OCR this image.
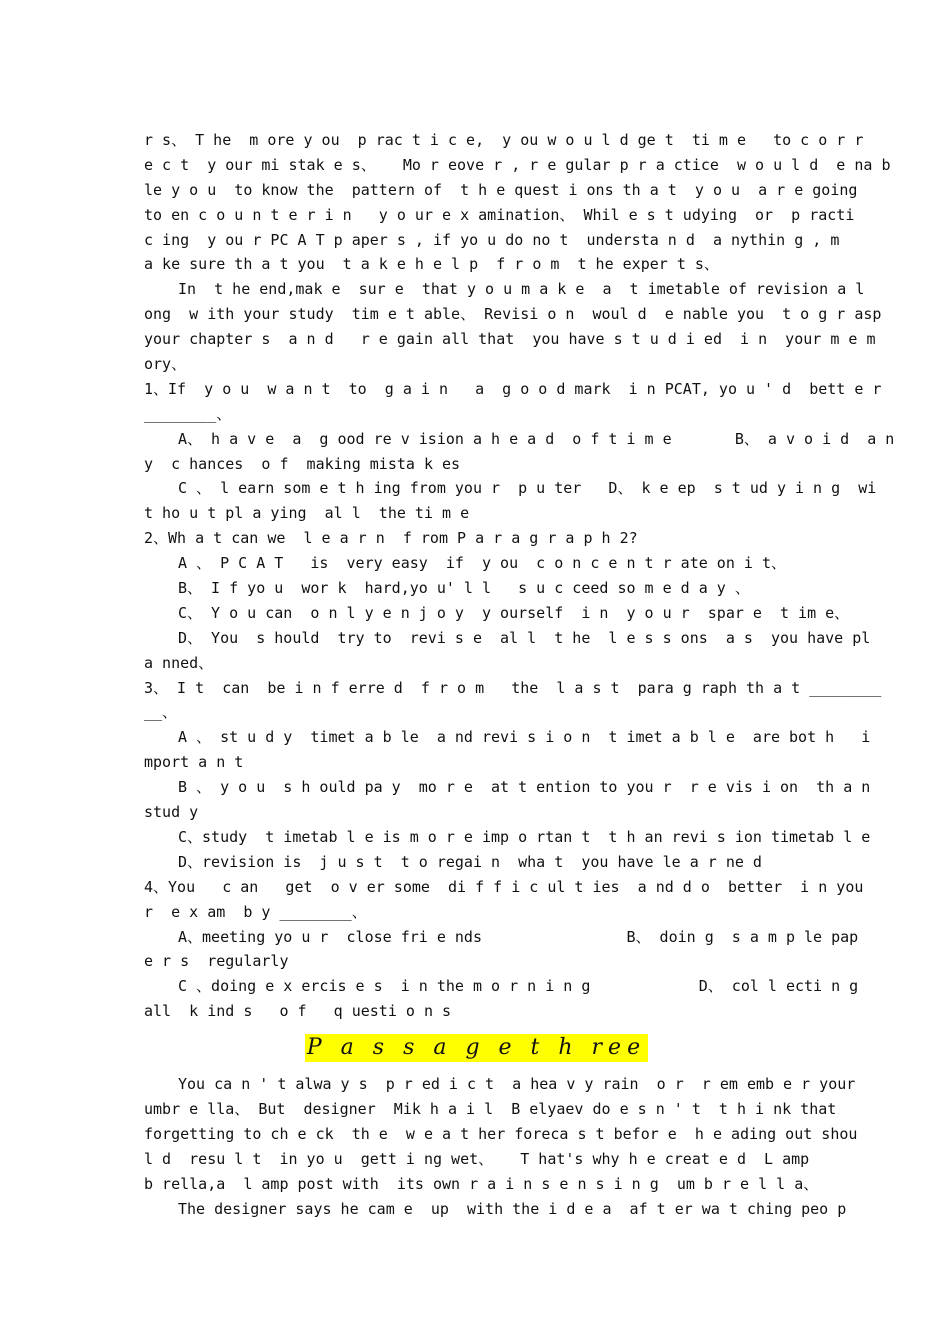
r s、 T he  m ore y ou  p rac t i c e,  y ou w o u l d ge t  ti m e   to c o r r
e c t  y our mi stak e s、   Mo r eove r , r e gular p r a ctice  w o u l d  e na b
le y o u  to know the  pattern of  t h e quest i ons th a t  y o u  a r e going
to en c o u n t e r i n   y o ur e x amination、 Whil e s t udying  or  p racti
c ing  y ou r PC A T p aper s , if yo u do no t  understa n d  a nythin g , m
a ke sure th a t you  t a k e h e l p  f r o m  t he exper t s、
In  t he end,mak e  sur e  that y o u m a k e  a  t imetable of revision a l
ong  w ith your study  tim e t able、 Revisi o n  woul d  e nable you  t o g r asp
your chapter s  a n d   r e gain all that  you have s t u d i ed  i n  your m e m
ory、
1、If  y o u  w a n t  to  g a i n   a  g o o d mark  i n PCAT, yo u ' d  bett e r
________、
A、 h a v e  a  g ood re v ision a h e a d  o f t i m e       B、 a v o i d  a n
y  c hances  o f  making mista k es
C 、 l earn som e t h ing from you r  p u ter   D、 k e ep  s t ud y i n g  wi
t ho u t pl a ying  al l  the ti m e
2、Wh a t can we  l e a r n  f rom P a r a g r a p h 2?
A 、 P C A T   is  very easy  if  y ou  c o n c e n t r ate on i t、
B、 I f yo u  wor k  hard,yo u' l l   s u c ceed so m e d a y 、
C、 Y o u can  o n l y e n j o y  y ourself  i n  y o u r  spar e  t im e、
D、 You  s hould  try to  revi s e  al l  t he  l e s s ons  a s  you have pl
a nned、
3、 I t  can  be i n f erre d  f r o m   the  l a s t  para g raph th a t ________
__、
A 、 st u d y  timet a b le  a nd revi s i o n  t imet a b l e  are bot h   i
mport a n t
B 、 y o u  s h ould pa y  mo r e  at t ention to you r  r e vis i on  th a n
stud y
C、study  t imetab l e is m o r e imp o rtan t  t h an revi s ion timetab l e
D、revision is  j u s t  t o regai n  wha t  you have le a r ne d
4、You   c an   get  o v er some  di f f i c ul t ies  a nd d o  better  i n you
r  e x am  b y ________、
A、meeting yo u r  close fri e nds                B、 doin g  s a m p le pap
e r s  regularly
C 、doing e x ercis e s  i n the m o r n i n g            D、 col l ecti n g
all  k ind s   o f   q uesti o n s
P a s s a g e t h ree
You ca n ' t alwa y s  p r ed i c t  a hea v y rain  o r  r em emb e r your
umbr e lla、 But  designer  Mik h a i l  B elyaev do e s n ' t  t h i nk that
forgetting to ch e ck  th e  w e a t her foreca s t befor e  h e ading out shou
l d  resu l t  in yo u  gett i ng wet、   T hat's why h e creat e d  L amp
b rella,a  l amp post with  its own r a i n s e n s i n g  um b r e l l a、
The designer says he cam e  up  with the i d e a  af t er wa t ching peo p
